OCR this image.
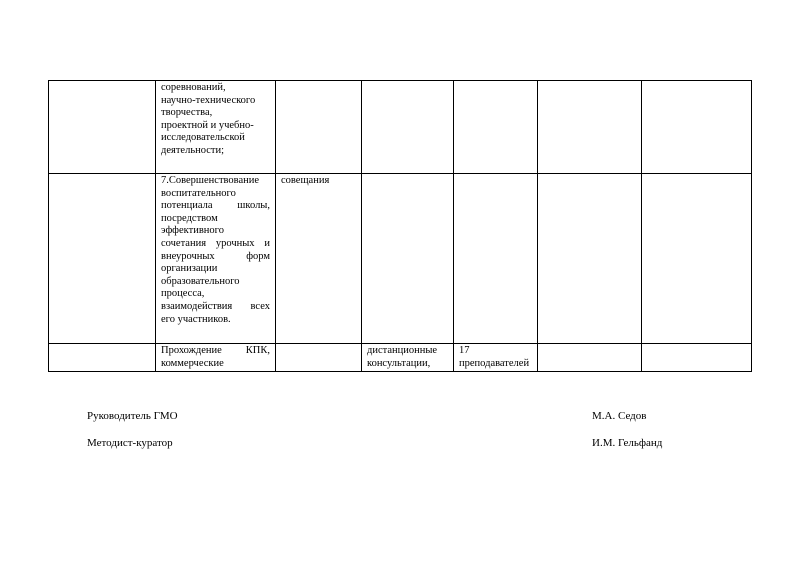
	соревнований,
научно-технического творчества,
проектной и учебно-исследовательской деятельности;					
	7.Совершенствование воспитательного потенциала школы, посредством эффективного сочетания урочных и внеурочных форм организации образовательного процесса, взаимодействия всех его участников.	совещания				
	Прохождение КПК, коммерческие		дистанционные консультации,	17 преподавателей		
Руководитель ГМО	М.А. Седов
Методист-куратор	И.М. Гельфанд
